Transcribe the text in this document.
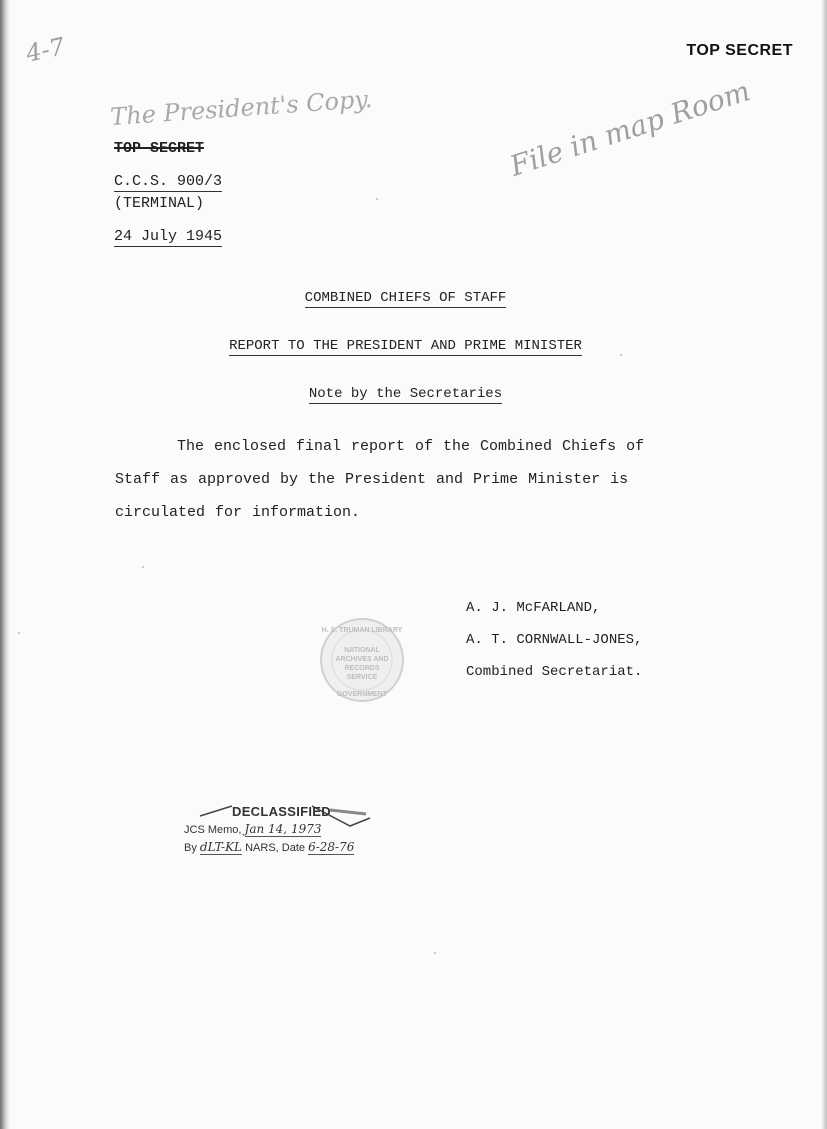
TOP SECRET
4-7
The President's Copy.	File in map Room
TOP SECRET
C.C.S. 900/3
(TERMINAL)
24 July 1945
COMBINED CHIEFS OF STAFF
REPORT TO THE PRESIDENT AND PRIME MINISTER
Note by the Secretaries
The enclosed final report of the Combined Chiefs of Staff as approved by the President and Prime Minister is circulated for information.
A. J. McFARLAND,
A. T. CORNWALL-JONES,
Combined Secretariat.
H. S. TRUMAN LIBRARY
NATIONAL
ARCHIVES AND
RECORDS
SERVICE
GOVERNMENT
DECLASSIFIED
JCS Memo, Jan 14, 1973
By dLT-KL NARS, Date 6-28-76
